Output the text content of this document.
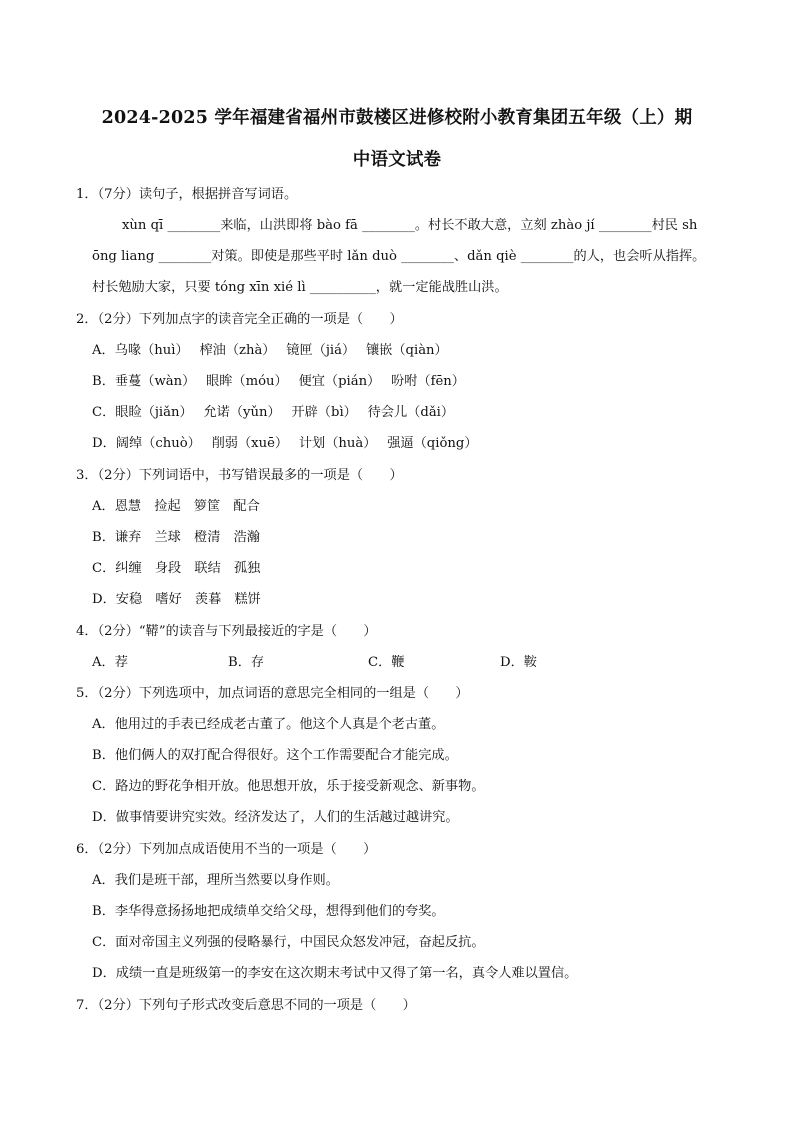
2024-2025 学年福建省福州市鼓楼区进修校附小教育集团五年级（上）期
中语文试卷
1．（7分）读句子，根据拼音写词语。
xùn qī ________来临，山洪即将 bào fā ________。村长不敢大意，立刻 zhào jí ________村民 sh
ōng liang ________对策。即使是那些平时 lǎn duò ________、dǎn qiè ________的人，也会听从指挥。
村长勉励大家，只要 tóng xīn xié lì __________，就一定能战胜山洪。
2．（2分）下列加点字的读音完全正确的一项是（　　）
A．乌喙（huì）　 榨油（zhà）　 镜匣（jiá）　 镶嵌（qiàn）
B．垂蔓（wàn）　 眼眸（móu）　 便宜（pián）　 吩咐（fēn）
C．眼睑（jiǎn）　 允诺（yǔn）　 开辟（bì）　 待会儿（dǎi）
D．阔绰（chuò）　 削弱（xuē）　 计划（huà）　 强逼（qiǒng）
3．（2分）下列词语中，书写错误最多的一项是（　　）
A．恩慧　捡起　箩筐　配合
B．谦弃　兰球　橙清　浩瀚
C．纠缠　身段　联结　孤独
D．安稳　嗜好　羡暮　糕饼
4．（2分）“鞯”的读音与下列最接近的字是（　　）
A．荐	B．存	C．鞭	D．鞍
5．（2分）下列选项中，加点词语的意思完全相同的一组是（　　）
A．他用过的手表已经成老古董了。他这个人真是个老古董。
B．他们俩人的双打配合得很好。这个工作需要配合才能完成。
C．路边的野花争相开放。他思想开放，乐于接受新观念、新事物。
D．做事情要讲究实效。经济发达了，人们的生活越过越讲究。
6．（2分）下列加点成语使用不当的一项是（　　）
A．我们是班干部，理所当然要以身作则。
B．李华得意扬扬地把成绩单交给父母，想得到他们的夸奖。
C．面对帝国主义列强的侵略暴行，中国民众怒发冲冠，奋起反抗。
D．成绩一直是班级第一的李安在这次期末考试中又得了第一名，真令人难以置信。
7．（2分）下列句子形式改变后意思不同的一项是（　　）
